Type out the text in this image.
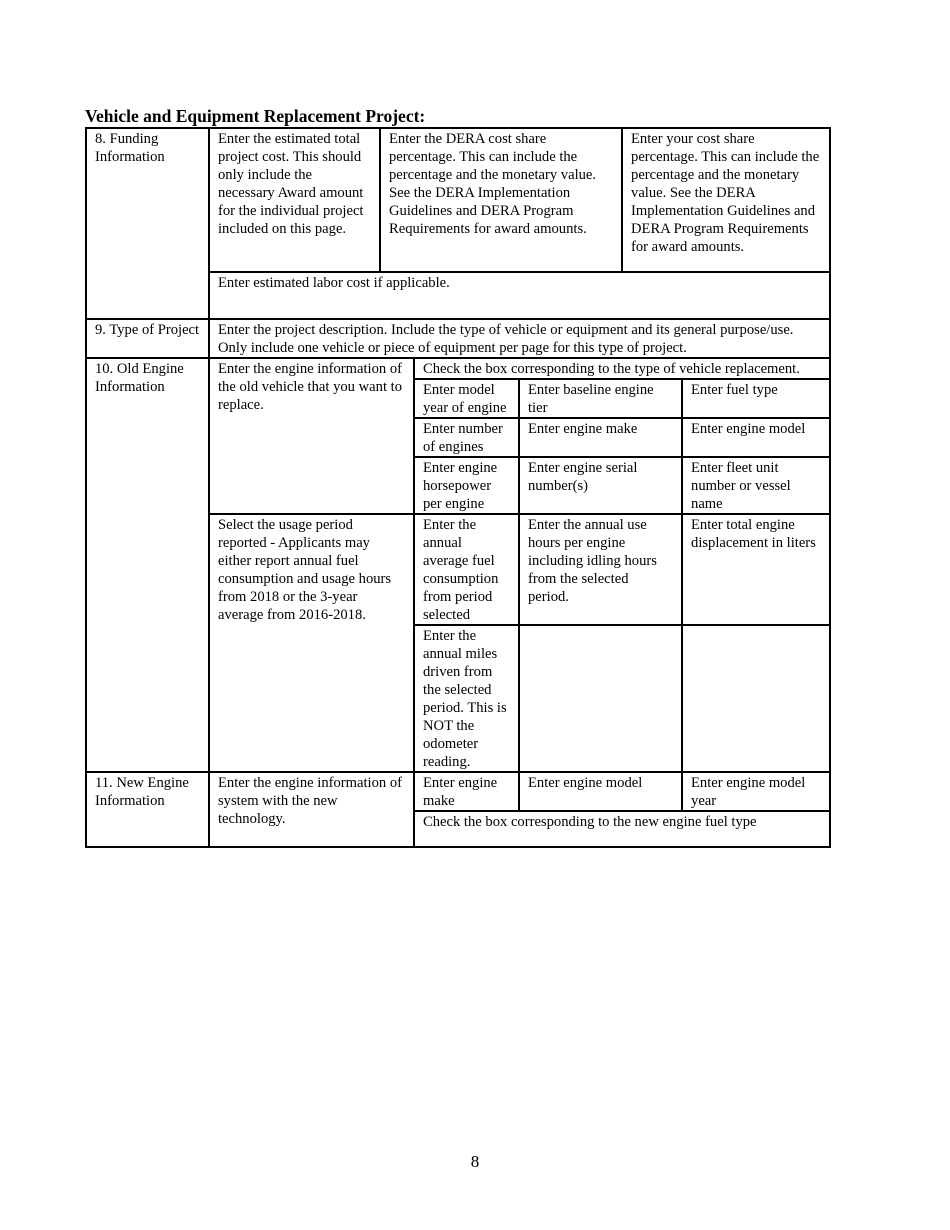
Vehicle and Equipment Replacement Project:
8. Funding Information	Enter the estimated total project cost. This should only include the necessary Award amount for the individual project included on this page.	Enter the DERA cost share percentage. This can include the percentage and the monetary value. See the DERA Implementation Guidelines and DERA Program Requirements for award amounts.			Enter your cost share percentage. This can include the percentage and the monetary value. See the DERA Implementation Guidelines and DERA Program Requirements for award amounts.	
	Enter estimated labor cost if applicable.					
9. Type of Project	Enter the project description. Include the type of vehicle or equipment and its general purpose/use. Only include one vehicle or piece of equipment per page for this type of project.					
10. Old Engine Information	Enter the engine information of the old vehicle that you want to replace.		Check the box corresponding to the type of vehicle replacement.			
			Enter model year of engine	Enter baseline engine tier		Enter fuel type
			Enter number of engines	Enter engine make		Enter engine model
			Enter engine horsepower per engine	Enter engine serial number(s)		Enter fleet unit number or vessel name
	Select the usage period reported - Applicants may either report annual fuel consumption and usage hours from 2018 or the 3-year average from 2016-2018.		Enter the annual average fuel consumption from period selected	Enter the annual use hours per engine including idling hours from the selected period.		Enter total engine displacement in liters
			Enter the annual miles driven from the selected period. This is NOT the odometer reading.			
11. New Engine Information	Enter the engine information of system with the new technology.		Enter engine make	Enter engine model		Enter engine model year
			Check the box corresponding to the new engine fuel type			
8
